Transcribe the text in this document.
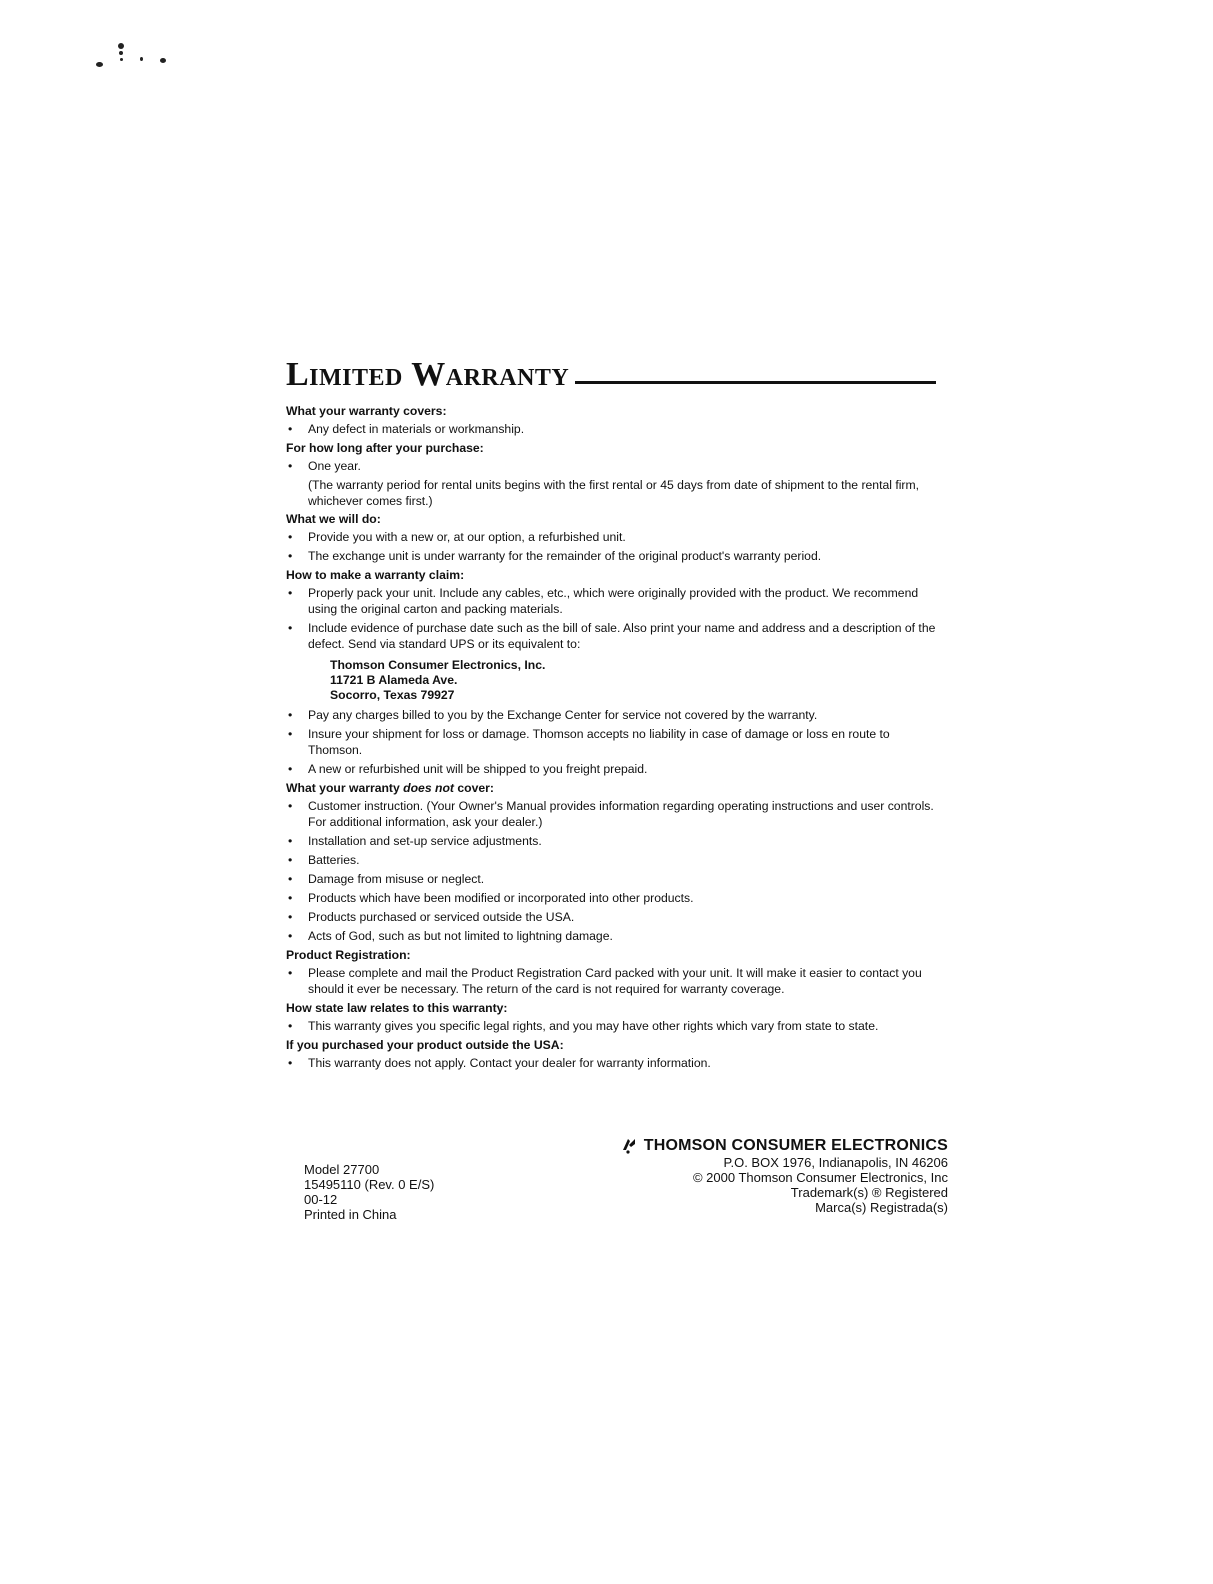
Limited Warranty
What your warranty covers:
• Any defect in materials or workmanship.
For how long after your purchase:
• One year.
(The warranty period for rental units begins with the first rental or 45 days from date of shipment to the rental firm, whichever comes first.)
What we will do:
• Provide you with a new or, at our option, a refurbished unit.
• The exchange unit is under warranty for the remainder of the original product's warranty period.
How to make a warranty claim:
• Properly pack your unit. Include any cables, etc., which were originally provided with the product. We recommend using the original carton and packing materials.
• Include evidence of purchase date such as the bill of sale. Also print your name and address and a description of the defect. Send via standard UPS or its equivalent to:
Thomson Consumer Electronics, Inc.
11721 B Alameda Ave.
Socorro, Texas 79927
• Pay any charges billed to you by the Exchange Center for service not covered by the warranty.
• Insure your shipment for loss or damage. Thomson accepts no liability in case of damage or loss en route to Thomson.
• A new or refurbished unit will be shipped to you freight prepaid.
What your warranty does not cover:
• Customer instruction. (Your Owner's Manual provides information regarding operating instructions and user controls. For additional information, ask your dealer.)
• Installation and set-up service adjustments.
• Batteries.
• Damage from misuse or neglect.
• Products which have been modified or incorporated into other products.
• Products purchased or serviced outside the USA.
• Acts of God, such as but not limited to lightning damage.
Product Registration:
• Please complete and mail the Product Registration Card packed with your unit. It will make it easier to contact you should it ever be necessary. The return of the card is not required for warranty coverage.
How state law relates to this warranty:
• This warranty gives you specific legal rights, and you may have other rights which vary from state to state.
If you purchased your product outside the USA:
• This warranty does not apply. Contact your dealer for warranty information.
Model 27700
15495110 (Rev. 0 E/S)
00-12
Printed in China
THOMSON CONSUMER ELECTRONICS
P.O. BOX 1976, Indianapolis, IN 46206
© 2000 Thomson Consumer Electronics, Inc
Trademark(s) ® Registered
Marca(s) Registrada(s)
